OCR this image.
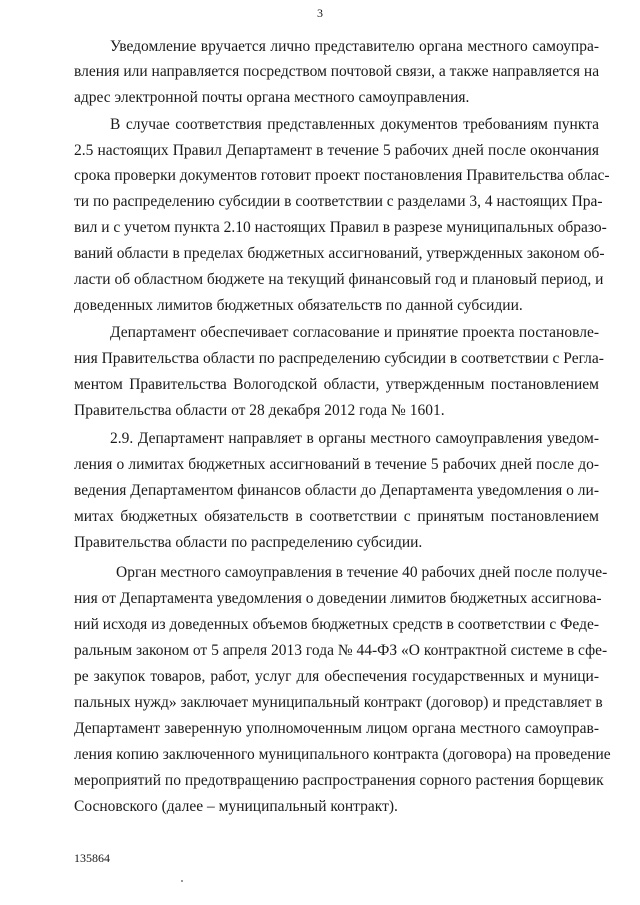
3
Уведомление вручается лично представителю органа местного самоупра-
вления или направляется посредством почтовой связи, а также направляется на
адрес электронной почты органа местного самоуправления.
В случае соответствия представленных документов требованиям пункта
2.5 настоящих Правил Департамент в течение 5 рабочих дней после окончания
срока проверки документов готовит проект постановления Правительства облас-
ти по распределению субсидии в соответствии с разделами 3, 4 настоящих Пра-
вил и с учетом пункта 2.10 настоящих Правил в разрезе муниципальных образо-
ваний области в пределах бюджетных ассигнований, утвержденных законом об-
ласти об областном бюджете на текущий финансовый год и плановый период, и
доведенных лимитов бюджетных обязательств по данной субсидии.
Департамент обеспечивает согласование и принятие проекта постановле-
ния Правительства области по распределению субсидии в соответствии с Регла-
ментом Правительства Вологодской области, утвержденным постановлением
Правительства области от 28 декабря 2012 года № 1601.
2.9. Департамент направляет в органы местного самоуправления уведом-
ления о лимитах бюджетных ассигнований в течение 5 рабочих дней после до-
ведения Департаментом финансов области до Департамента уведомления о ли-
митах бюджетных обязательств в соответствии с принятым постановлением
Правительства области по распределению субсидии.
Орган местного самоуправления в течение 40 рабочих дней после получе-
ния от Департамента уведомления о доведении лимитов бюджетных ассигнова-
ний исходя из доведенных объемов бюджетных средств в соответствии с Феде-
ральным законом от 5 апреля 2013 года № 44-ФЗ «О контрактной системе в сфе-
ре закупок товаров, работ, услуг для обеспечения государственных и муници-
пальных нужд» заключает муниципальный контракт (договор) и представляет в
Департамент заверенную уполномоченным лицом органа местного самоуправ-
ления копию заключенного муниципального контракта (договора) на проведение
мероприятий по предотвращению распространения сорного растения борщевик
Сосновского (далее – муниципальный контракт).
135864
